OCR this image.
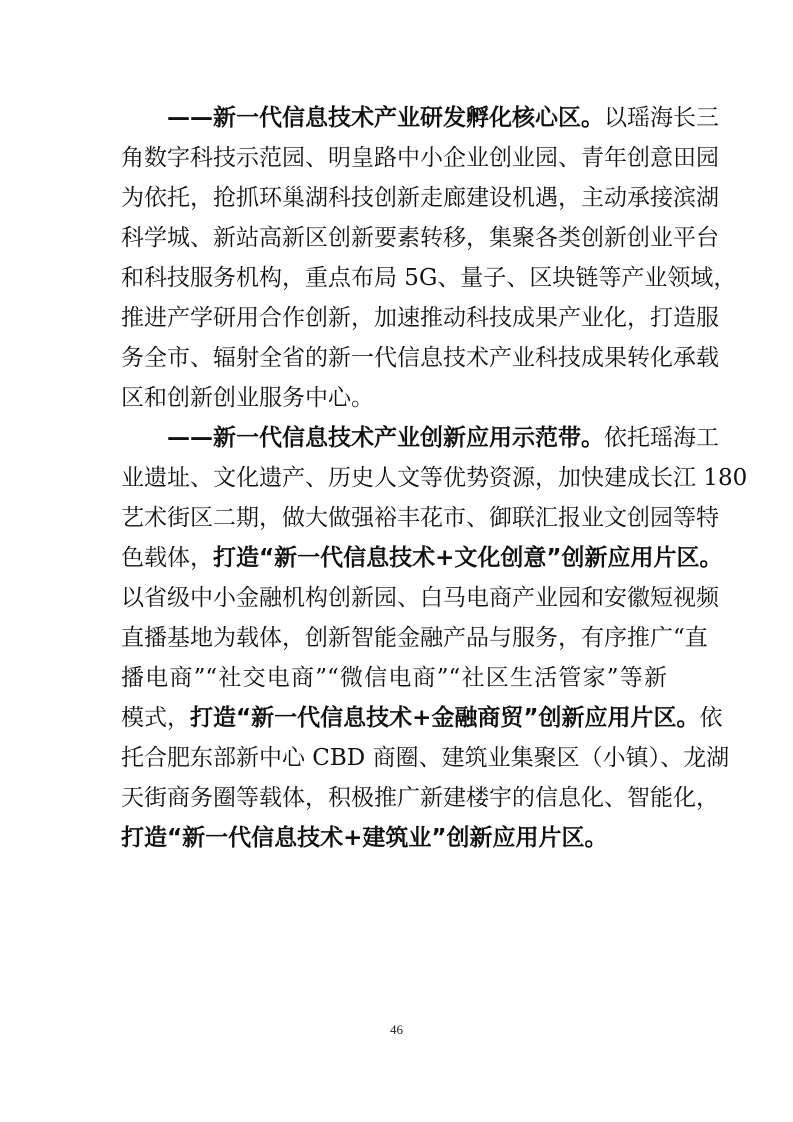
——新一代信息技术产业研发孵化核心区。以瑶海长三
角数字科技示范园、明皇路中小企业创业园、青年创意田园
为依托，抢抓环巢湖科技创新走廊建设机遇，主动承接滨湖
科学城、新站高新区创新要素转移，集聚各类创新创业平台
和科技服务机构，重点布局 5G、量子、区块链等产业领域，
推进产学研用合作创新，加速推动科技成果产业化，打造服
务全市、辐射全省的新一代信息技术产业科技成果转化承载
区和创新创业服务中心。
——新一代信息技术产业创新应用示范带。依托瑶海工
业遗址、文化遗产、历史人文等优势资源，加快建成长江 180
艺术街区二期，做大做强裕丰花市、御联汇报业文创园等特
色载体，打造“新一代信息技术+文化创意”创新应用片区。
以省级中小金融机构创新园、白马电商产业园和安徽短视频
直播基地为载体，创新智能金融产品与服务，有序推广“直
播电商”“社交电商”“微信电商”“社区生活管家”等新
模式，打造“新一代信息技术+金融商贸”创新应用片区。依
托合肥东部新中心 CBD 商圈、建筑业集聚区（小镇）、龙湖
天街商务圈等载体，积极推广新建楼宇的信息化、智能化，
打造“新一代信息技术+建筑业”创新应用片区。
46
